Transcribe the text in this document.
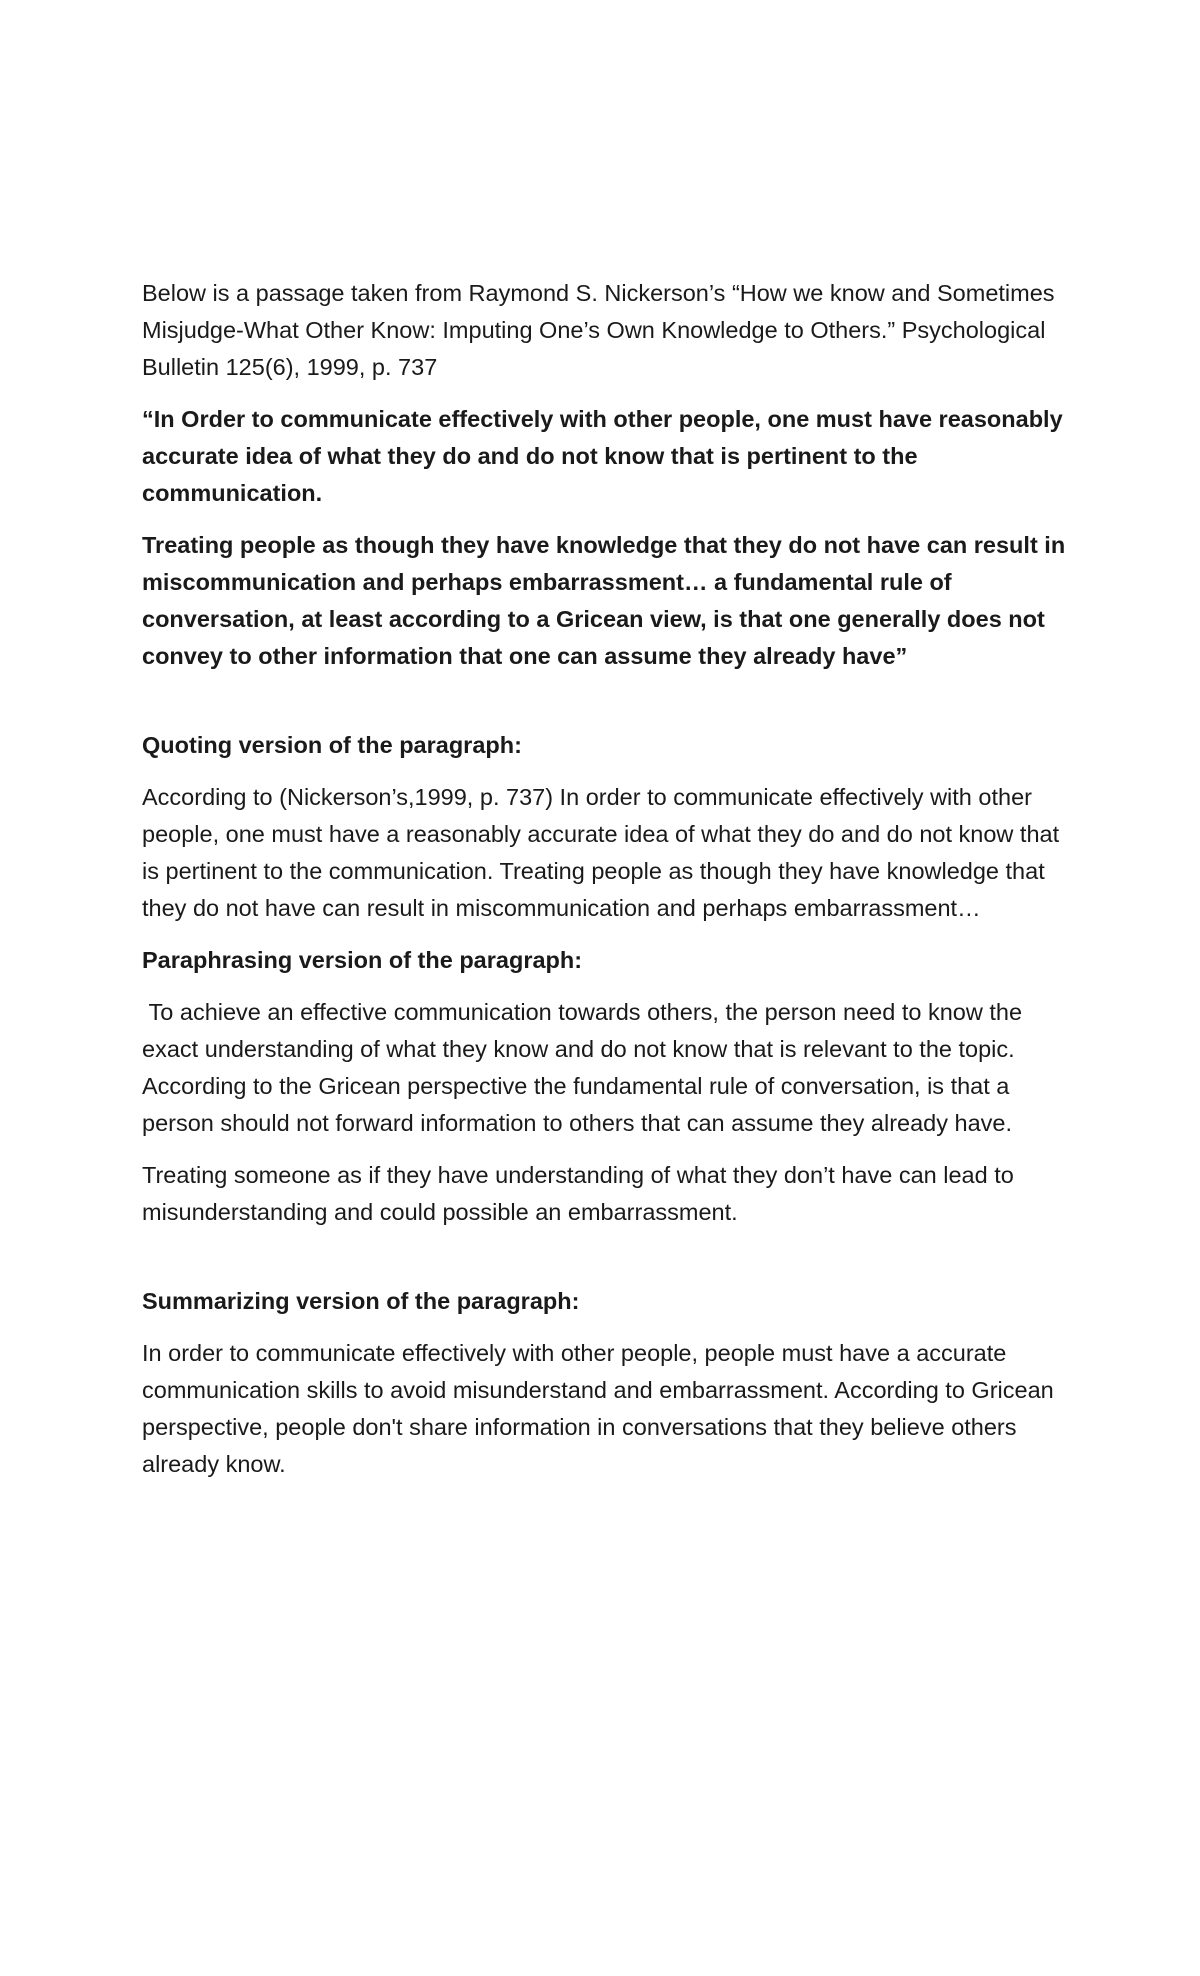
Below is a passage taken from Raymond S. Nickerson’s “How we know and Sometimes Misjudge-What Other Know: Imputing One’s Own Knowledge to Others.” Psychological Bulletin 125(6), 1999, p. 737

“In Order to communicate effectively with other people, one must have reasonably accurate idea of what they do and do not know that is pertinent to the communication.

Treating people as though they have knowledge that they do not have can result in miscommunication and perhaps embarrassment… a fundamental rule of conversation, at least according to a Gricean view, is that one generally does not convey to other information that one can assume they already have”

Quoting version of the paragraph:

According to (Nickerson’s,1999, p. 737) In order to communicate effectively with other people, one must have a reasonably accurate idea of what they do and do not know that is pertinent to the communication. Treating people as though they have knowledge that they do not have can result in miscommunication and perhaps embarrassment…

Paraphrasing version of the paragraph:

To achieve an effective communication towards others, the person need to know the exact understanding of what they know and do not know that is relevant to the topic. According to the Gricean perspective the fundamental rule of conversation, is that a person should not forward information to others that can assume they already have.

Treating someone as if they have understanding of what they don’t have can lead to misunderstanding and could possible an embarrassment.

Summarizing version of the paragraph:

In order to communicate effectively with other people, people must have a accurate communication skills to avoid misunderstand and embarrassment. According to Gricean perspective, people don't share information in conversations that they believe others already know.
